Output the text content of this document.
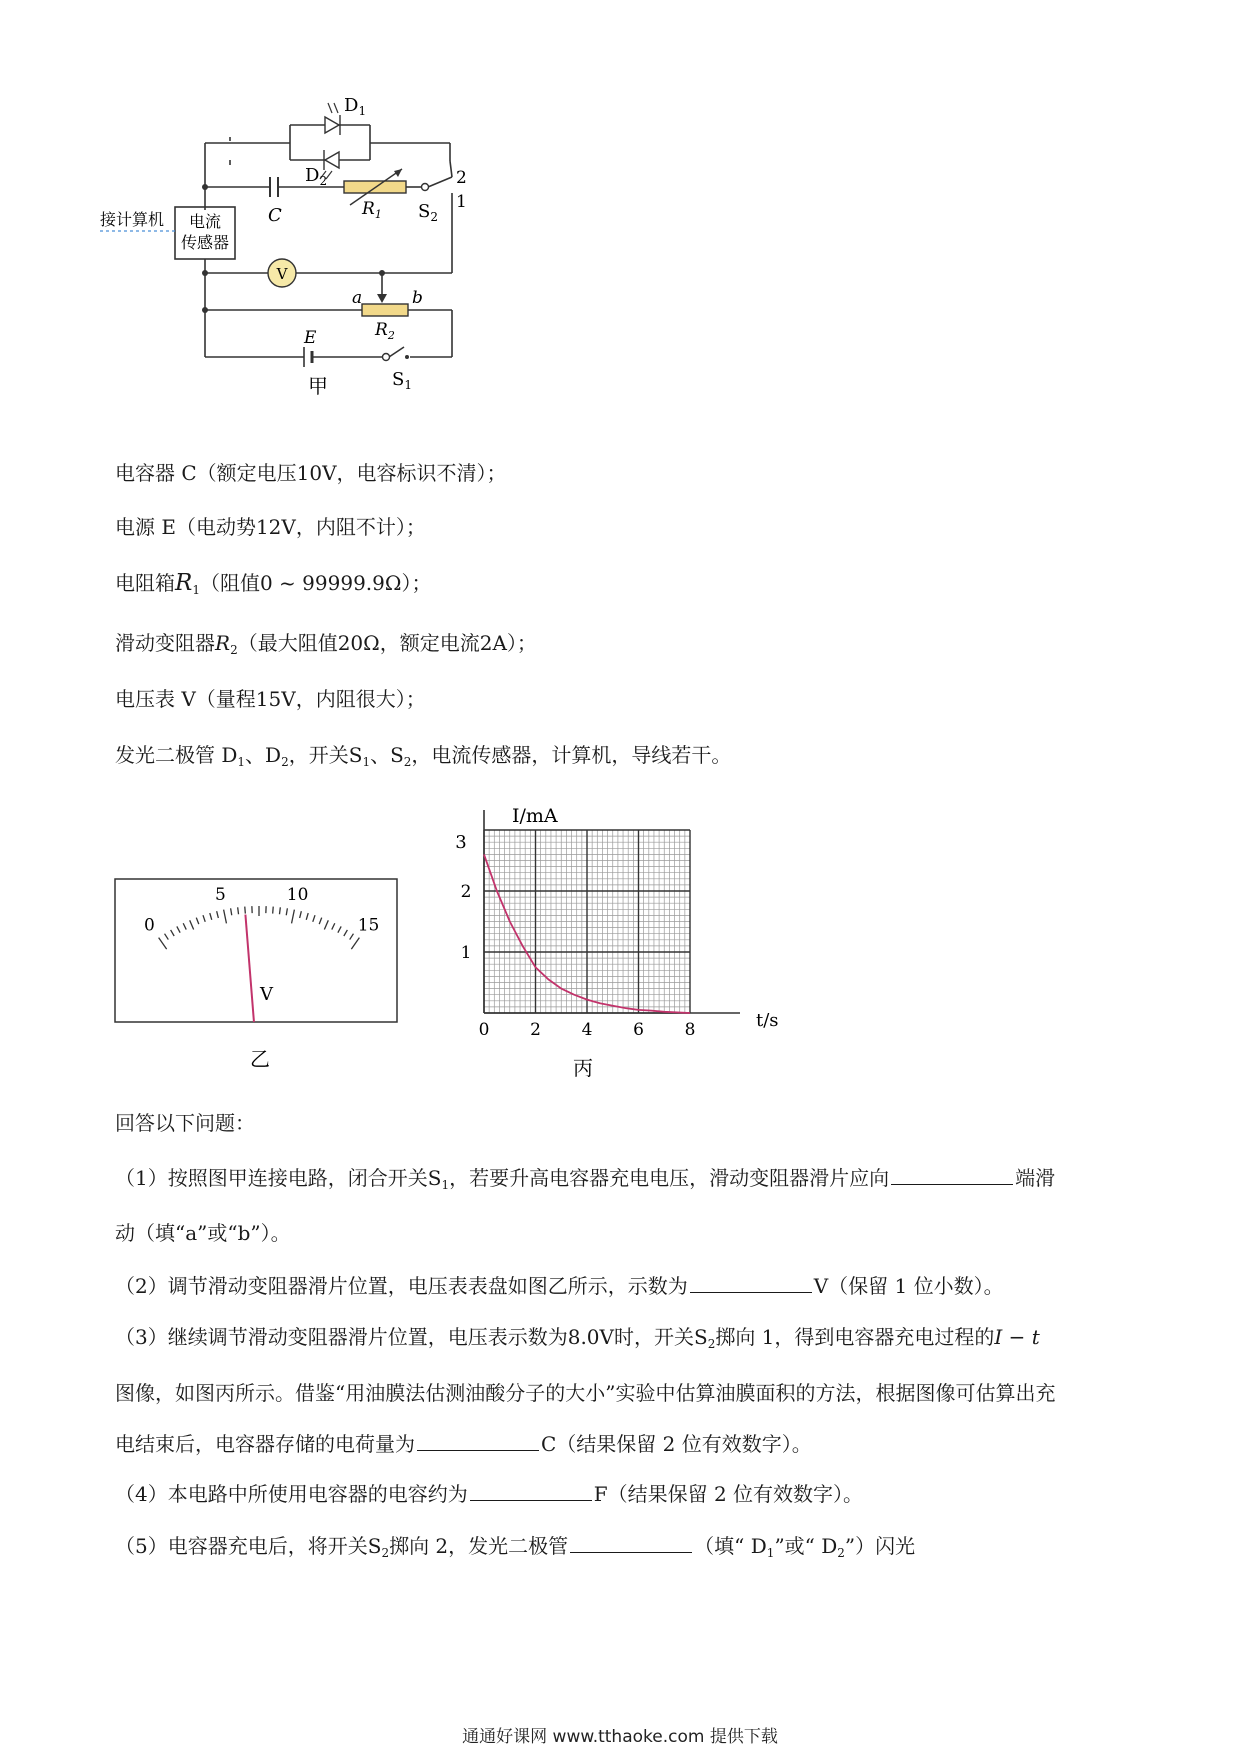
$D_1$
$D_2$
C	$R_1$ $S_2$
2
1
接计算机 电流
传感器
V
a	b
$R_2$
E
$S_1$
甲
电容器 C（额定电压10V，电容标识不清）；
电源 E（电动势12V，内阻不计）；
电阻箱$R_1$（阻值0 ~ 99999.9Ω）；
滑动变阻器$R_2$（最大阻值20Ω，额定电流2A）；
电压表 V（量程15V，内阻很大）；
发光二极管 $D_1$、$D_2$，开关$S_1$、$S_2$，电流传感器，计算机，导线若干。
0
5	10
15
V
乙
0 2 4 6 8
1
2
3
I/mA
t/s
丙
回答以下问题：
（1）按照图甲连接电路，闭合开关$S_1$，若要升高电容器充电电压，滑动变阻器滑片应向	端滑
动（填“a”或“b”）。
（2）调节滑动变阻器滑片位置，电压表表盘如图乙所示，示数为	V（保留 1 位小数）。
（3）继续调节滑动变阻器滑片位置，电压表示数为8.0V时，开关$S_2$掷向 1，得到电容器充电过程的I − t
图像，如图丙所示。借鉴“用油膜法估测油酸分子的大小”实验中估算油膜面积的方法，根据图像可估算出充
电结束后，电容器存储的电荷量为	C（结果保留 2 位有效数字）。
（4）本电路中所使用电容器的电容约为	F（结果保留 2 位有效数字）。
（5）电容器充电后，将开关$S_2$掷向 2，发光二极管	（填“ $D_1$”或“ $D_2$”）闪光
通通好课网 www.tthaoke.com 提供下载
